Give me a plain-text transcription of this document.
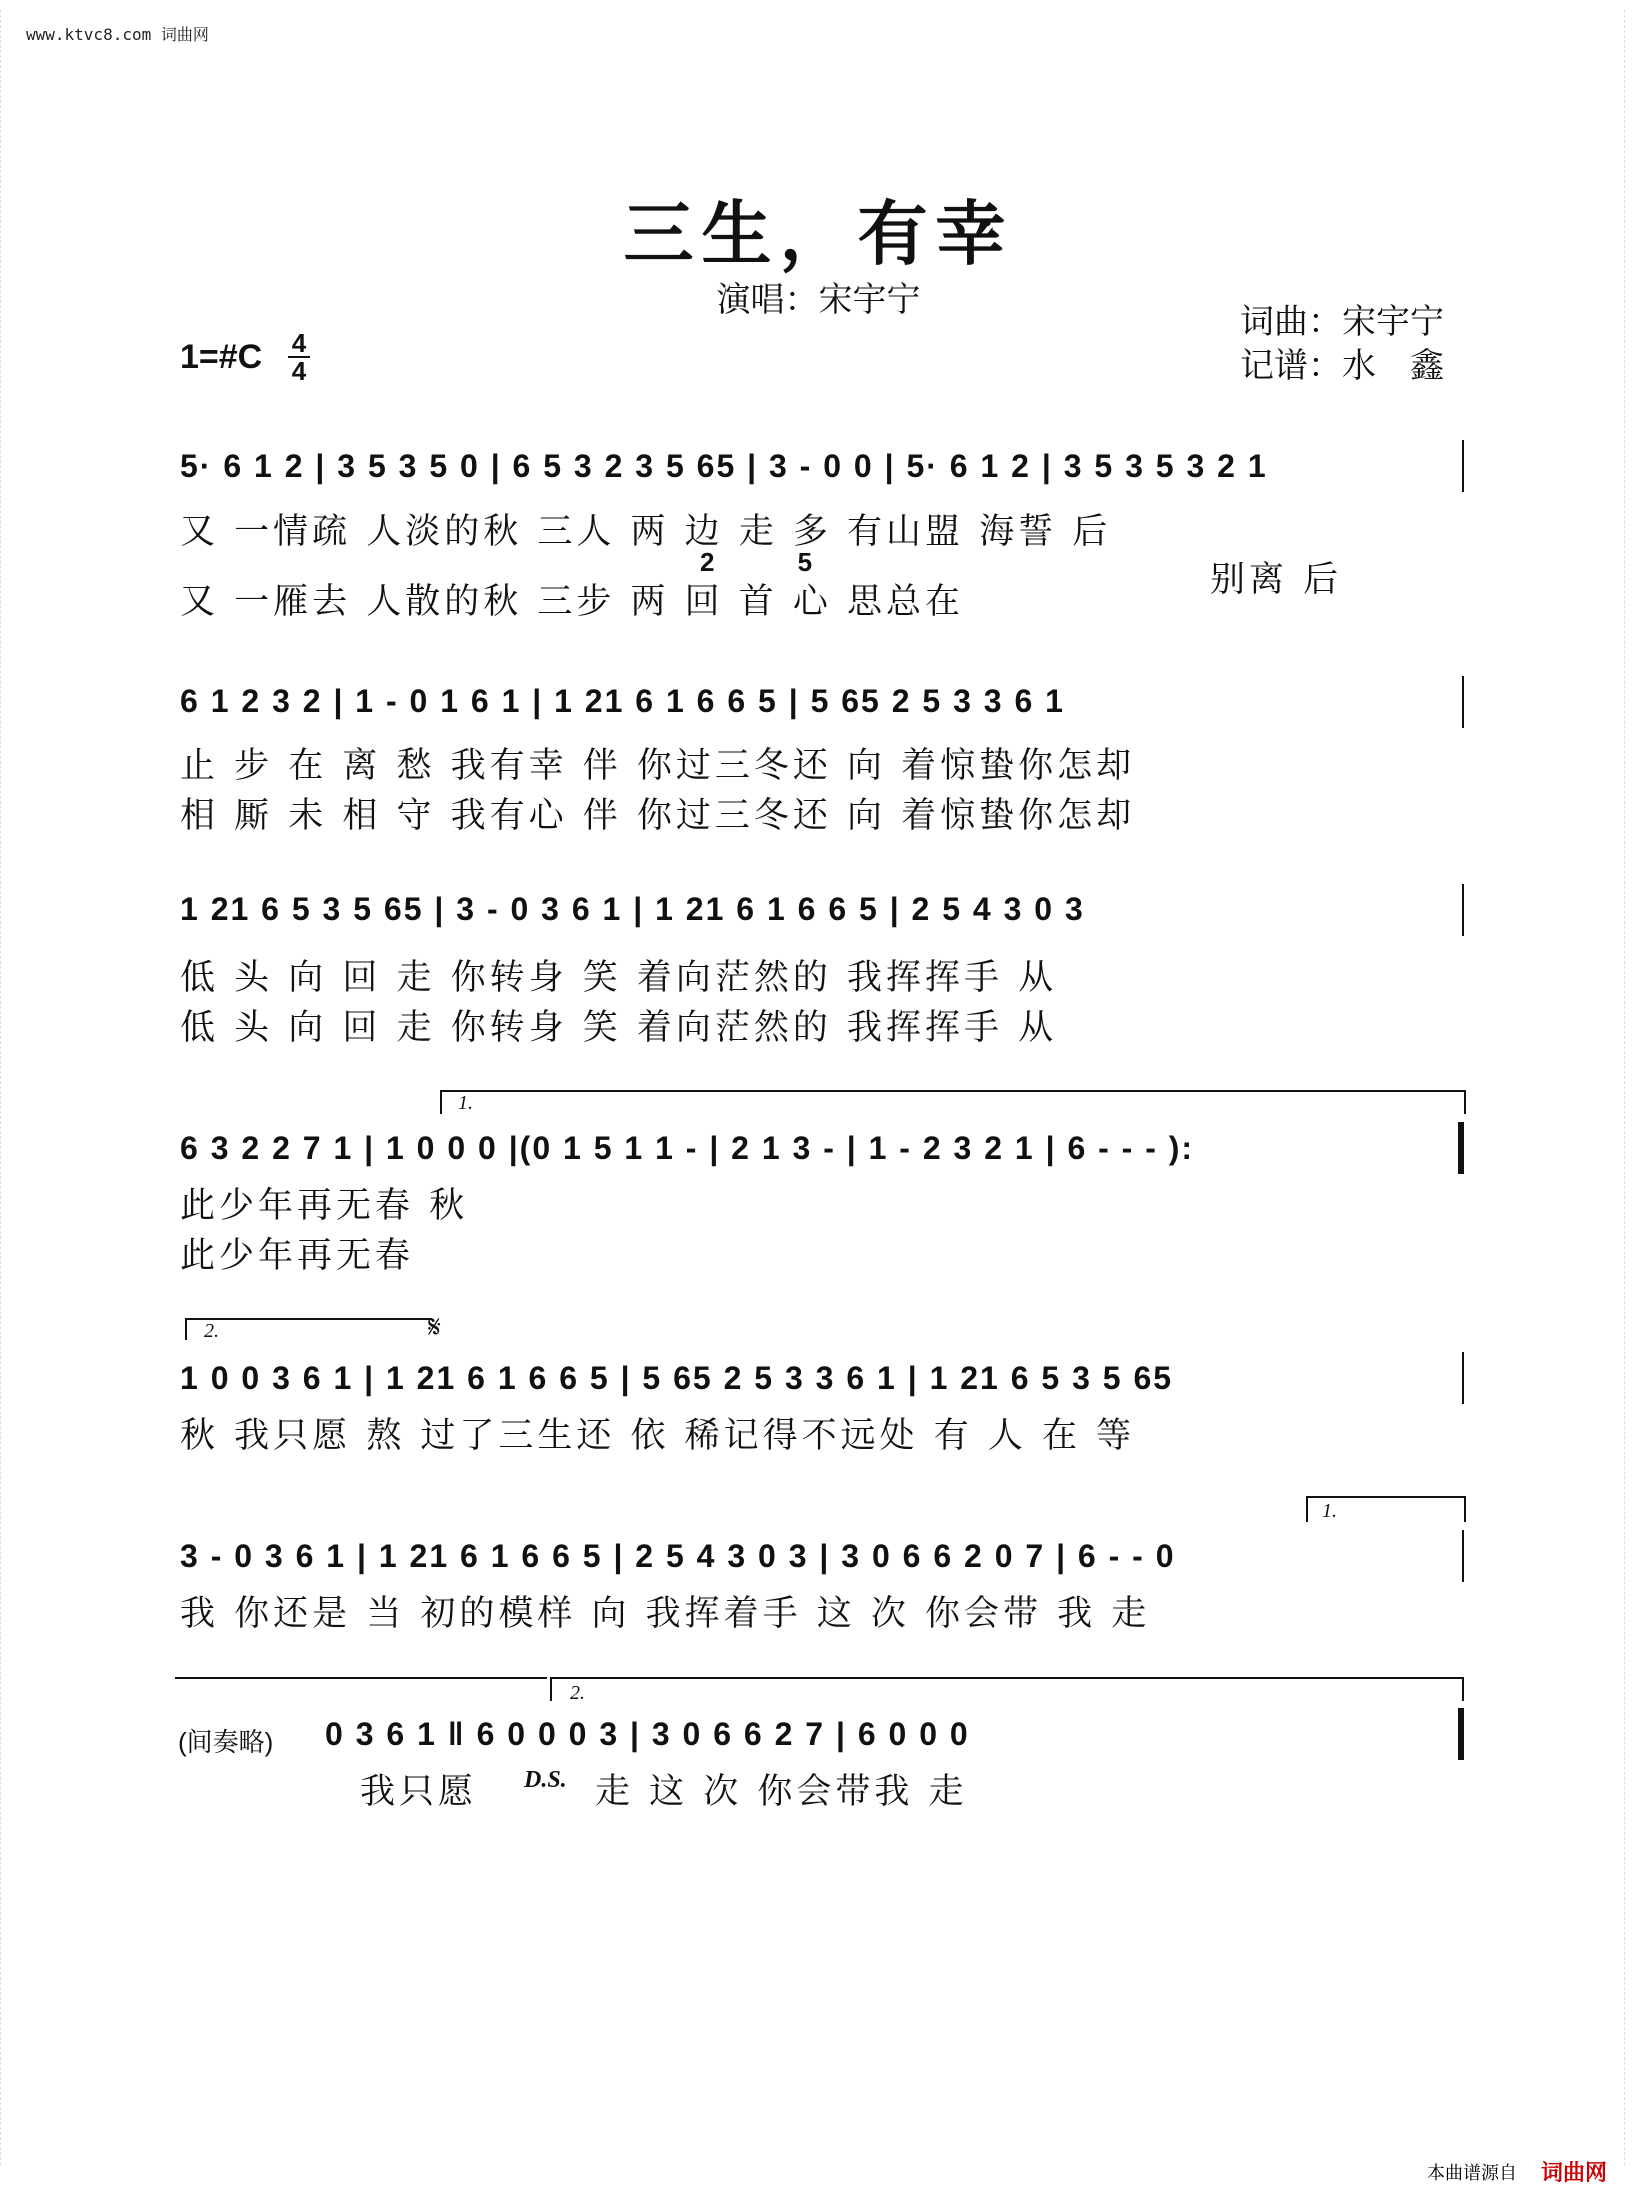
www.ktvc8.com 词曲网
三生，有幸
演唱：宋宇宁
词曲：宋宇宁
记谱：水　鑫
1=#C 4
4
5· 6 1 2 | 3 5 3 5 0 | 6 5 3 2 3 5 65 | 3 - 0 0 | 5· 6 1 2 | 3 5 3 5 3 2 1
2 5
又 一情疏 人淡的秋 三人 两 边 走 多 有山盟 海誓 后
又 一雁去 人散的秋 三步 两 回 首 心 思总在
别离 后
6 1 2 3 2 | 1 - 0 1 6 1 | 1 21 6 1 6 6 5 | 5 65 2 5 3 3 6 1
止 步 在 离 愁 我有幸 伴 你过三冬还 向 着惊蛰你怎却
相 厮 未 相 守 我有心 伴 你过三冬还 向 着惊蛰你怎却
1 21 6 5 3 5 65 | 3 - 0 3 6 1 | 1 21 6 1 6 6 5 | 2 5 4 3 0 3
低 头 向 回 走 你转身 笑 着向茫然的 我挥挥手 从
低 头 向 回 走 你转身 笑 着向茫然的 我挥挥手 从
1.
6 3 2 2 7 1 | 1 0 0 0 |(0 1 5 1 1 - | 2 1 3 - | 1 - 2 3 2 1 | 6 - - - ):
此少年再无春 秋
此少年再无春
2.	𝄋
1 0 0 3 6 1 | 1 21 6 1 6 6 5 | 5 65 2 5 3 3 6 1 | 1 21 6 5 3 5 65
秋 我只愿 熬 过了三生还 依 稀记得不远处 有 人 在 等
1.
3 - 0 3 6 1 | 1 21 6 1 6 6 5 | 2 5 4 3 0 3 | 3 0 6 6 2 0 7 | 6 - - 0
我 你还是 当 初的模样 向 我挥着手 这 次 你会带 我 走
2.
(间奏略) 0 3 6 1 ‖ 6 0 0 0 3 | 3 0 6 6 2 7 | 6 0 0 0
我只愿 D.S. 走 这 次 你会带我 走
本曲谱源自 词曲网
